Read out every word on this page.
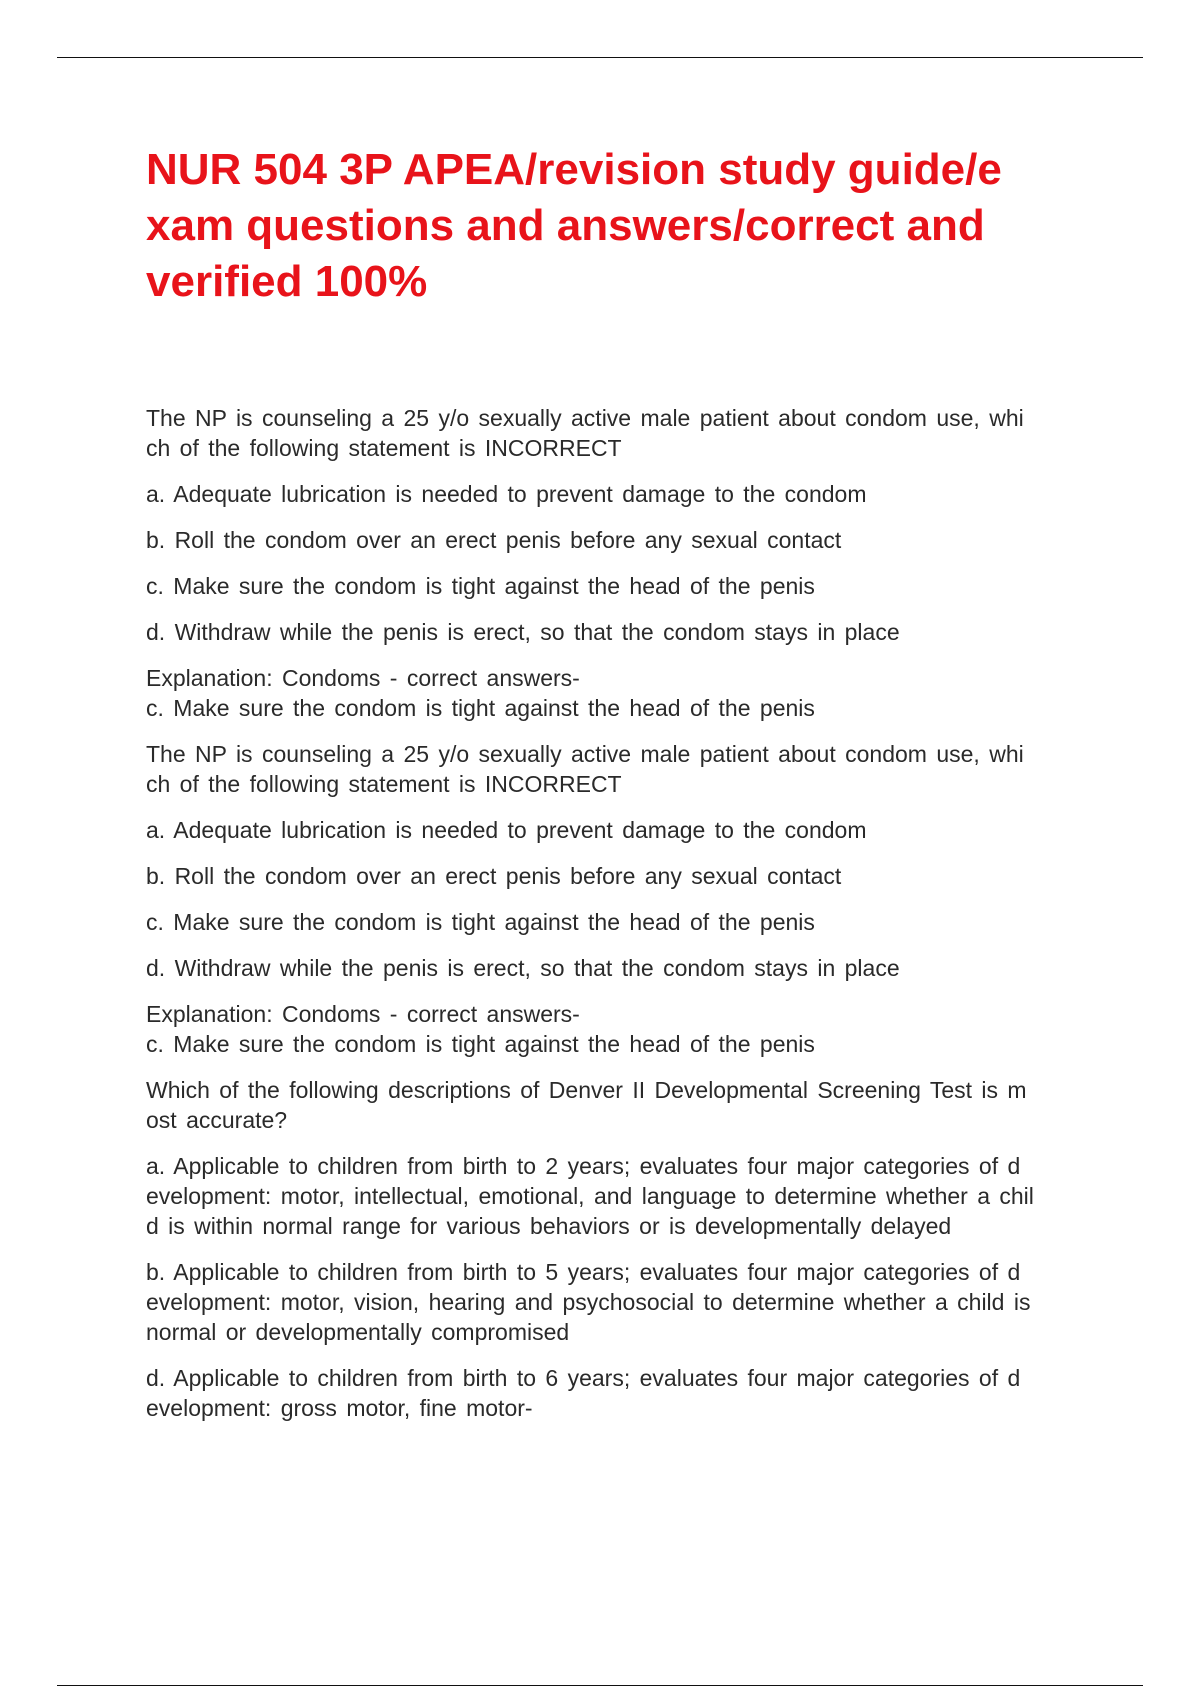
NUR 504 3P APEA/revision study guide/e
xam questions and answers/correct and
verified 100%

The NP is counseling a 25 y/o sexually active male patient about condom use, whi
ch of the following statement is INCORRECT

a. Adequate lubrication is needed to prevent damage to the condom

b. Roll the condom over an erect penis before any sexual contact

c. Make sure the condom is tight against the head of the penis

d. Withdraw while the penis is erect, so that the condom stays in place

Explanation: Condoms - correct answers-
c. Make sure the condom is tight against the head of the penis

The NP is counseling a 25 y/o sexually active male patient about condom use, whi
ch of the following statement is INCORRECT

a. Adequate lubrication is needed to prevent damage to the condom

b. Roll the condom over an erect penis before any sexual contact

c. Make sure the condom is tight against the head of the penis

d. Withdraw while the penis is erect, so that the condom stays in place

Explanation: Condoms - correct answers-
c. Make sure the condom is tight against the head of the penis

Which of the following descriptions of Denver II Developmental Screening Test is m
ost accurate?

a. Applicable to children from birth to 2 years; evaluates four major categories of d
evelopment: motor, intellectual, emotional, and language to determine whether a chil
d is within normal range for various behaviors or is developmentally delayed

b. Applicable to children from birth to 5 years; evaluates four major categories of d
evelopment: motor, vision, hearing and psychosocial to determine whether a child is
normal or developmentally compromised

d. Applicable to children from birth to 6 years; evaluates four major categories of d
evelopment: gross motor, fine motor-
